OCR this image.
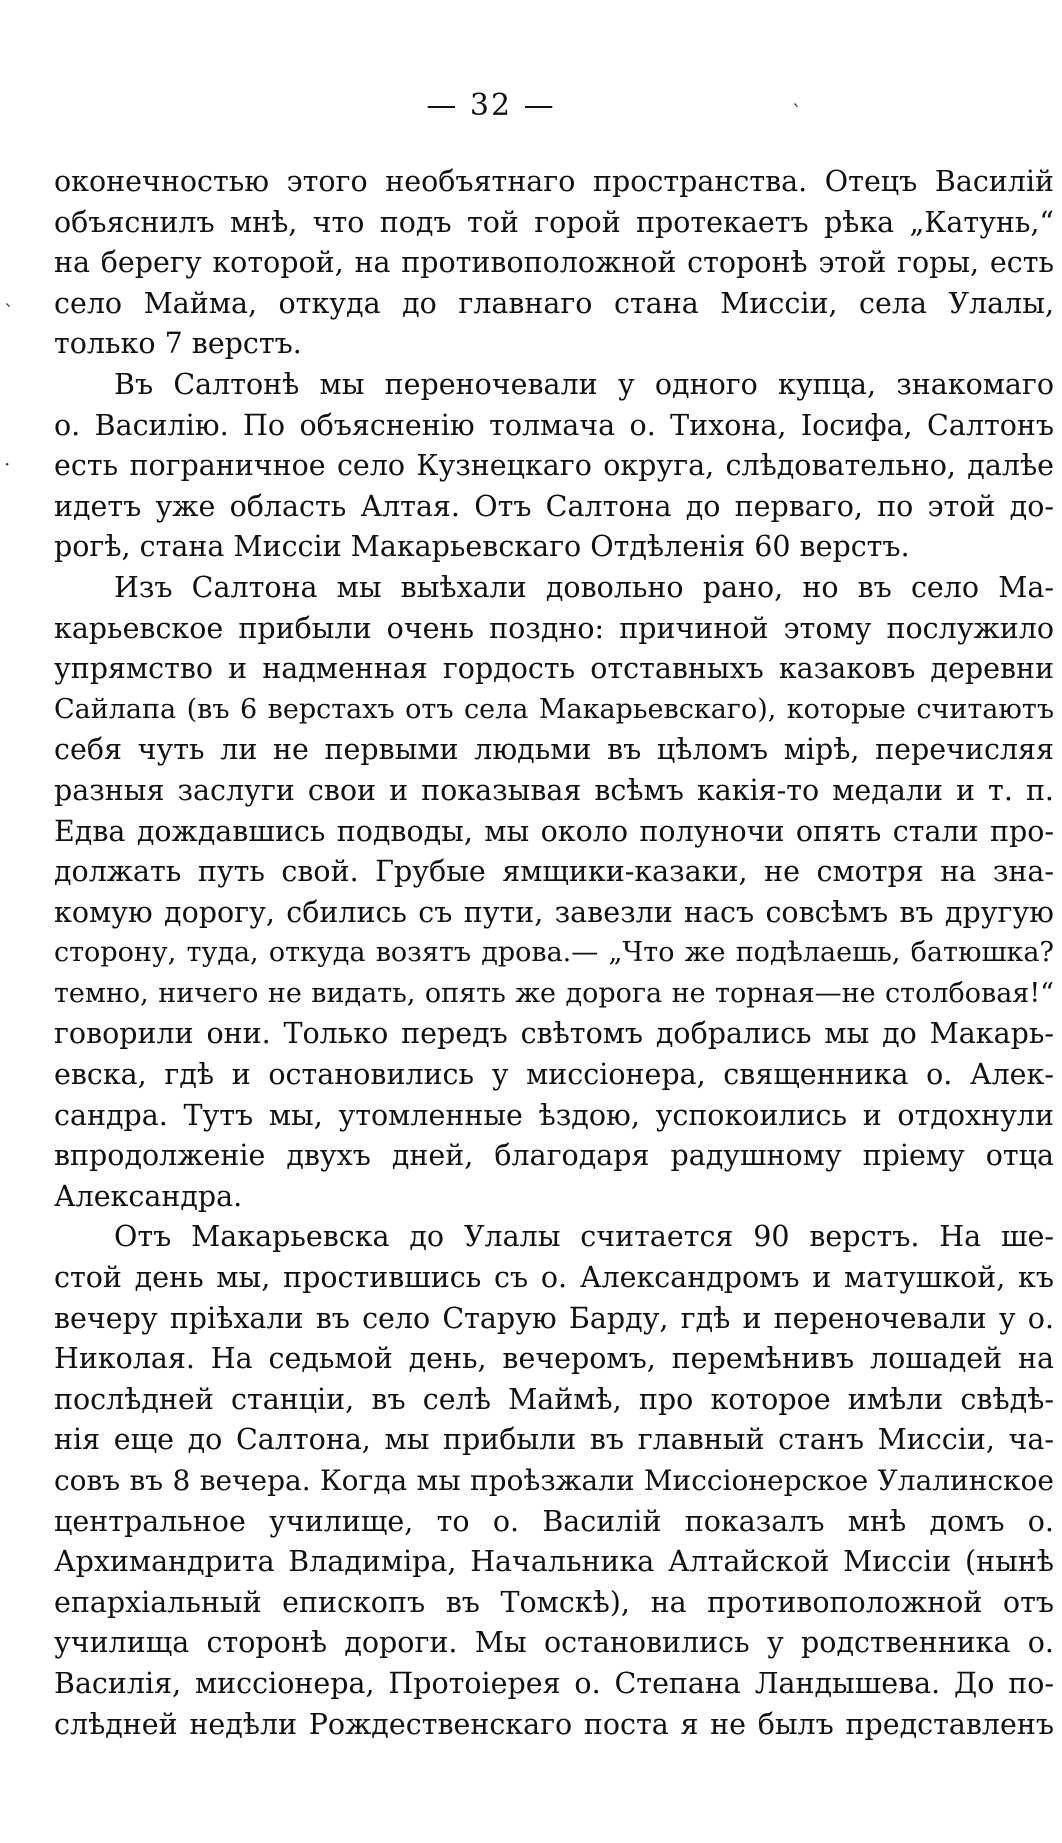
— 32 —	ˋ
ˋ
·
оконечностью этого необъятнаго пространства. Отецъ Василій
объяснилъ мнѣ, что подъ той горой протекаетъ рѣка „Катунь,“
на берегу которой, на противоположной сторонѣ этой горы, есть
село Майма, откуда до главнаго стана Миссіи, села Улалы,
только 7 верстъ.
Въ Салтонѣ мы переночевали у одного купца, знакомаго
о. Василію. По объясненію толмача о. Тихона, Іосифа, Салтонъ
есть пограничное село Кузнецкаго округа, слѣдовательно, далѣе
идетъ уже область Алтая. Отъ Салтона до перваго, по этой до-
рогѣ, стана Миссіи Макарьевскаго Отдѣленія 60 верстъ.
Изъ Салтона мы выѣхали довольно рано, но въ село Ма-
карьевское прибыли очень поздно: причиной этому послужило
упрямство и надменная гордость отставныхъ казаковъ деревни
Сайлапа (въ 6 верстахъ отъ села Макарьевскаго), которые считаютъ
себя чуть ли не первыми людьми въ цѣломъ мірѣ, перечисляя
разныя заслуги свои и показывая всѣмъ какія-то медали и т. п.
Едва дождавшись подводы, мы около полуночи опять стали про-
должать путь свой. Грубые ямщики-казаки, не смотря на зна-
комую дорогу, сбились съ пути, завезли насъ совсѣмъ въ другую
сторону, туда, откуда возятъ дрова.— „Что же подѣлаешь, батюшка?
темно, ничего не видать, опять же дорога не торная—не столбовая!“
говорили они. Только передъ свѣтомъ добрались мы до Макарь-
евска, гдѣ и остановились у миссіонера, священника о. Алек-
сандра. Тутъ мы, утомленные ѣздою, успокоились и отдохнули
впродолженіе двухъ дней, благодаря радушному пріему отца
Александра.
Отъ Макарьевска до Улалы считается 90 верстъ. На ше-
стой день мы, простившись съ о. Александромъ и матушкой, къ
вечеру пріѣхали въ село Старую Барду, гдѣ и переночевали у о.
Николая. На седьмой день, вечеромъ, перемѣнивъ лошадей на
послѣдней станціи, въ селѣ Маймѣ, про которое имѣли свѣдѣ-
нія еще до Салтона, мы прибыли въ главный станъ Миссіи, ча-
совъ въ 8 вечера. Когда мы проѣзжали Миссіонерское Улалинское
центральное училище, то о. Василій показалъ мнѣ домъ о.
Архимандрита Владиміра, Начальника Алтайской Миссіи (нынѣ
епархіальный епископъ въ Томскѣ), на противоположной отъ
училища сторонѣ дороги. Мы остановились у родственника о.
Василія, миссіонера, Протоіерея о. Степана Ландышева. До по-
слѣдней недѣли Рождественскаго поста я не былъ представленъ
